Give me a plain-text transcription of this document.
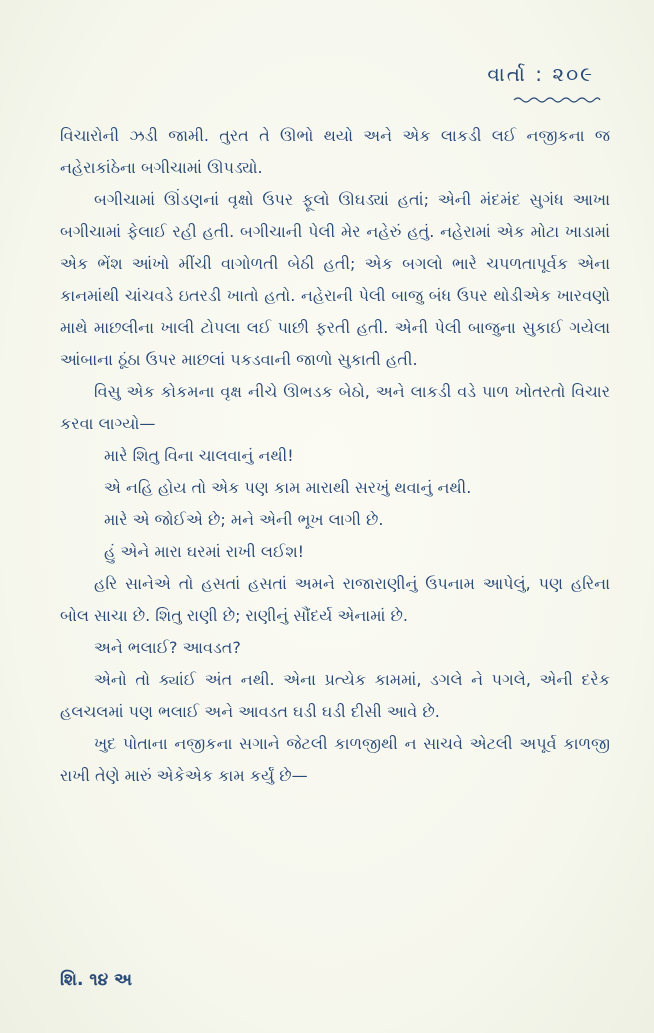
વાર્તા : ૨૦૯

વિચારોની ઝડી જામી. તુરત તે ઊભો થયો અને એક લાકડી લઈ નજીકના જ નહેરાકાંઠેના બગીચામાં ઊપડ્યો.

બગીચામાં ઊંડણનાં વૃક્ષો ઉપર ફૂલો ઊઘડ્યાં હતાં; એની મંદમંદ સુગંધ આખા બગીચામાં ફેલાઈ રહી હતી. બગીચાની પેલી મેર નહેરું હતું. નહેરામાં એક મોટા ખાડામાં એક ભેંશ આંખો મીંચી વાગોળતી બેઠી હતી; એક બગલો ભારે ચપળતાપૂર્વક એના કાનમાંથી ચાંચવડે ઇતરડી ખાતો હતો. નહેરાની પેલી બાજુ બંધ ઉપર થોડીએક ખારવણો માથે માછલીના ખાલી ટોપલા લઈ પાછી ફરતી હતી. એની પેલી બાજુના સુકાઈ ગયેલા આંબાના ઠૂંઠા ઉપર માછલાં પકડવાની જાળો સુકાતી હતી.

વિસુ એક કોકમના વૃક્ષ નીચે ઊભડક બેઠો, અને લાકડી વડે પાળ ખોતરતો વિચાર કરવા લાગ્યો—

મારે શિતુ વિના ચાલવાનું નથી!

એ નહિ હોય તો એક પણ કામ મારાથી સરખું થવાનું નથી.

મારે એ જોઈએ છે; મને એની ભૂખ લાગી છે.

હું એને મારા ઘરમાં રાખી લઈશ!

હરિ સાનેએ તો હસતાં હસતાં અમને રાજારાણીનું ઉપનામ આપેલું, પણ હરિના બોલ સાચા છે. શિતુ રાણી છે; રાણીનું સૌંદર્ય એનામાં છે.

અને ભલાઈ? આવડત?

એનો તો ક્યાંઈ અંત નથી. એના પ્રત્યેક કામમાં, ડગલે ને પગલે, એની દરેક હલચલમાં પણ ભલાઈ અને આવડત ઘડી ઘડી દીસી આવે છે.

ખુદ પોતાના નજીકના સગાને જેટલી કાળજીથી ન સાચવે એટલી અપૂર્વ કાળજી રાખી તેણે મારું એકેએક કામ કર્યું છે—

શિ. ૧૪ અ
